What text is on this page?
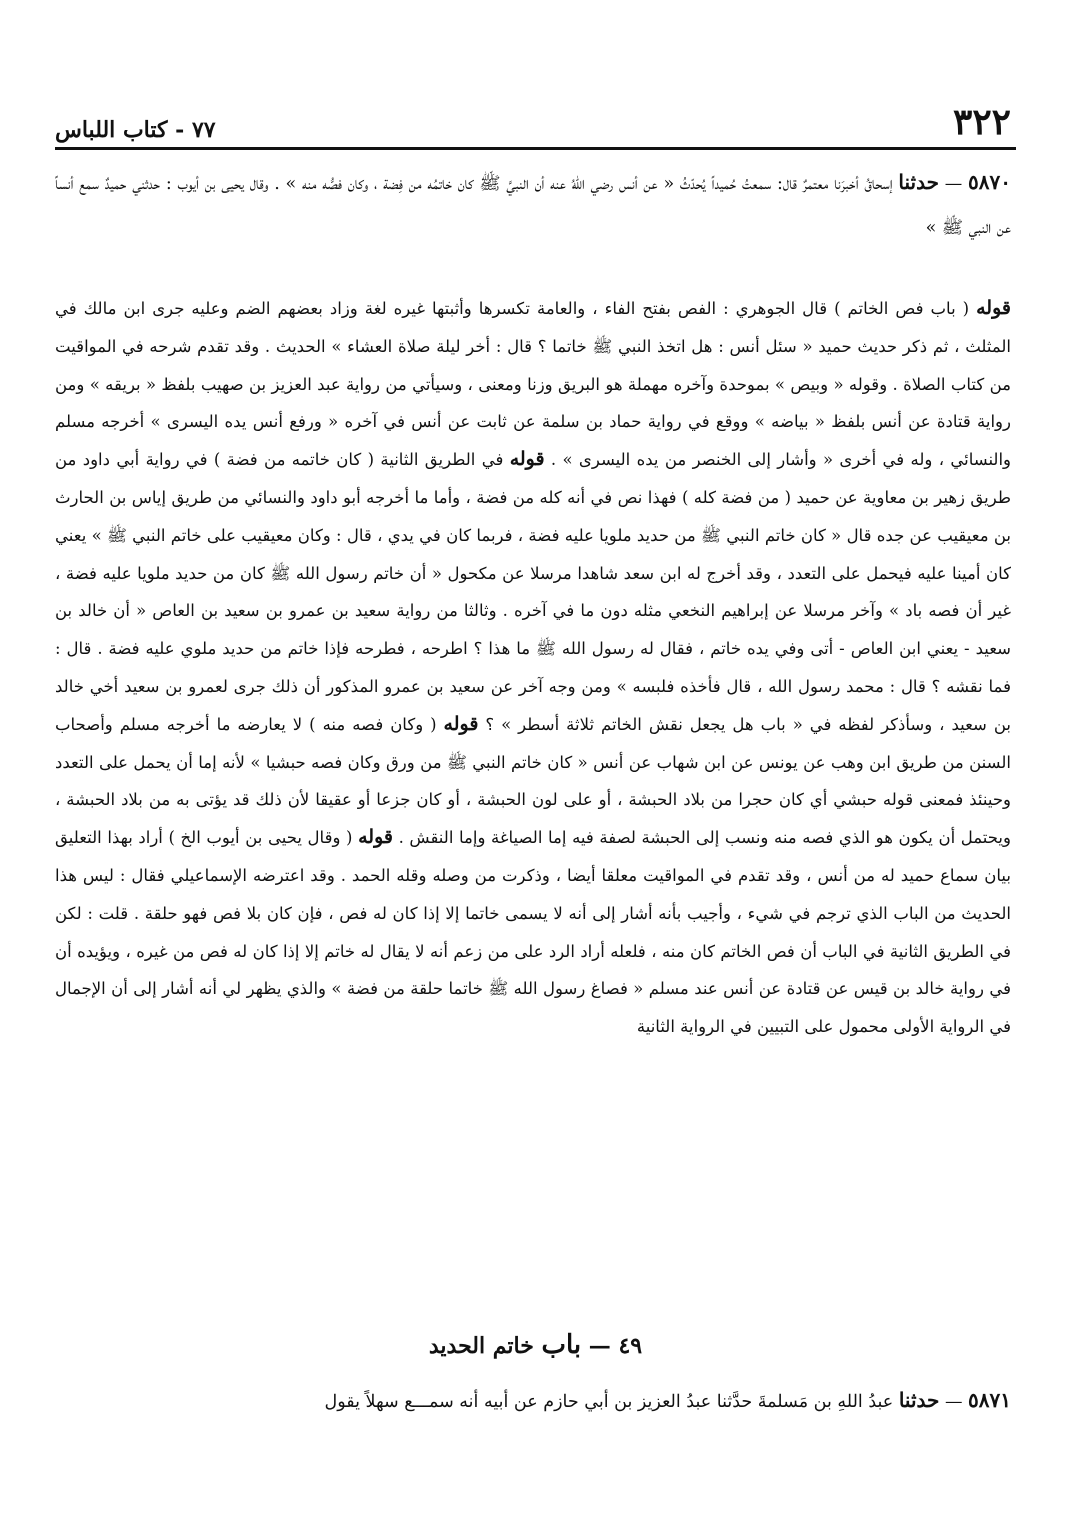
٣٢٢
٧٧ - كتاب اللباس
٥٨٧٠ — حدثنا إسحاقُ أخبرَنا معتمرٌ قال: سمعتُ حُميداً يُحدّثُ « عن أنس رضي اللهُ عنه أن النبيَّ ﷺ كان خاتمُه من فِضة ، وكان فصُّه منه » . وقال يحيى بن أيوب : حدثني حميدٌ سمع أنساً عن النبي ﷺ »
قوله ( باب فص الخاتم ) قال الجوهري : الفص بفتح الفاء ، والعامة تكسرها وأثبتها غيره لغة وزاد بعضهم الضم وعليه جرى ابن مالك في المثلث ، ثم ذكر حديث حميد « سئل أنس : هل اتخذ النبي ﷺ خاتما ؟ قال : أخر ليلة صلاة العشاء » الحديث . وقد تقدم شرحه في المواقيت من كتاب الصلاة . وقوله « وبيص » بموحدة وآخره مهملة هو البريق وزنا ومعنى ، وسيأتي من رواية عبد العزيز بن صهيب بلفظ « بريقه » ومن رواية قتادة عن أنس بلفظ « بياضه » ووقع في رواية حماد بن سلمة عن ثابت عن أنس في آخره « ورفع أنس يده اليسرى » أخرجه مسلم والنسائي ، وله في أخرى « وأشار إلى الخنصر من يده اليسرى » . قوله في الطريق الثانية ( كان خاتمه من فضة ) في رواية أبي داود من طريق زهير بن معاوية عن حميد ( من فضة كله ) فهذا نص في أنه كله من فضة ، وأما ما أخرجه أبو داود والنسائي من طريق إياس بن الحارث بن معيقيب عن جده قال « كان خاتم النبي ﷺ من حديد ملويا عليه فضة ، فربما كان في يدي ، قال : وكان معيقيب على خاتم النبي ﷺ » يعني كان أمينا عليه فيحمل على التعدد ، وقد أخرج له ابن سعد شاهدا مرسلا عن مكحول « أن خاتم رسول الله ﷺ كان من حديد ملويا عليه فضة ، غير أن فصه باد » وآخر مرسلا عن إبراهيم النخعي مثله دون ما في آخره . وثالثا من رواية سعيد بن عمرو بن سعيد بن العاص « أن خالد بن سعيد - يعني ابن العاص - أتى وفي يده خاتم ، فقال له رسول الله ﷺ ما هذا ؟ اطرحه ، فطرحه فإذا خاتم من حديد ملوي عليه فضة . قال : فما نقشه ؟ قال : محمد رسول الله ، قال فأخذه فلبسه » ومن وجه آخر عن سعيد بن عمرو المذكور أن ذلك جرى لعمرو بن سعيد أخي خالد بن سعيد ، وسأذكر لفظه في « باب هل يجعل نقش الخاتم ثلاثة أسطر » ؟ قوله ( وكان فصه منه ) لا يعارضه ما أخرجه مسلم وأصحاب السنن من طريق ابن وهب عن يونس عن ابن شهاب عن أنس « كان خاتم النبي ﷺ من ورق وكان فصه حبشيا » لأنه إما أن يحمل على التعدد وحينئذ فمعنى قوله حبشي أي كان حجرا من بلاد الحبشة ، أو على لون الحبشة ، أو كان جزعا أو عقيقا لأن ذلك قد يؤتى به من بلاد الحبشة ، ويحتمل أن يكون هو الذي فصه منه ونسب إلى الحبشة لصفة فيه إما الصياغة وإما النقش . قوله ( وقال يحيى بن أيوب الخ ) أراد بهذا التعليق بيان سماع حميد له من أنس ، وقد تقدم في المواقيت معلقا أيضا ، وذكرت من وصله وقله الحمد . وقد اعترضه الإسماعيلي فقال : ليس هذا الحديث من الباب الذي ترجم في شيء ، وأجيب بأنه أشار إلى أنه لا يسمى خاتما إلا إذا كان له فص ، فإن كان بلا فص فهو حلقة . قلت : لكن في الطريق الثانية في الباب أن فص الخاتم كان منه ، فلعله أراد الرد على من زعم أنه لا يقال له خاتم إلا إذا كان له فص من غيره ، ويؤيده أن في رواية خالد بن قيس عن قتادة عن أنس عند مسلم « فصاغ رسول الله ﷺ خاتما حلقة من فضة » والذي يظهر لي أنه أشار إلى أن الإجمال في الرواية الأولى محمول على التبيين في الرواية الثانية
٤٩ — باب خاتم الحديد
٥٨٧١ — حدثنا عبدُ اللهِ بن مَسلمةَ حدَّثنا عبدُ العزيز بن أبي حازم عن أبيه أنه سمـــع سهلاً يقول
